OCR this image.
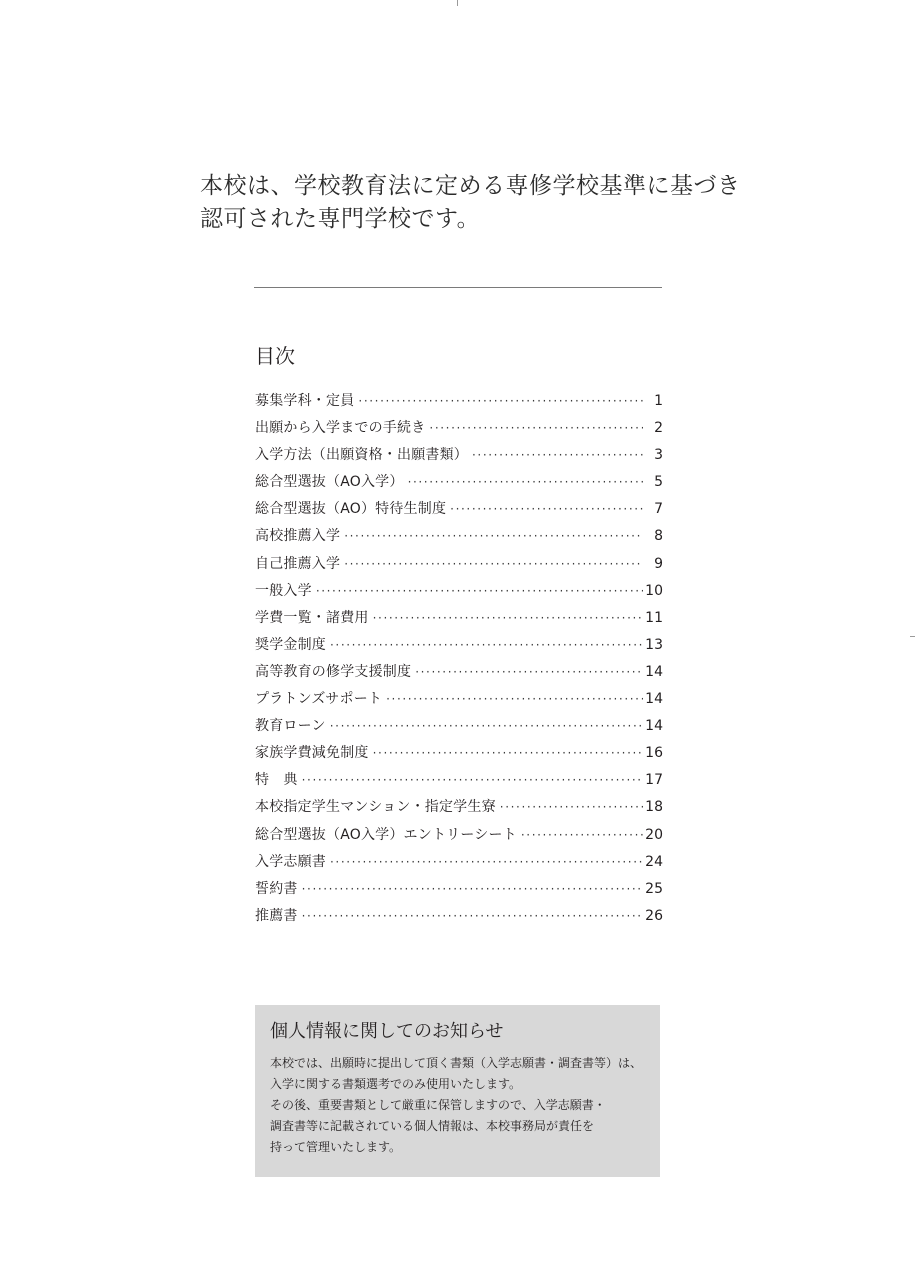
本校は、学校教育法に定める専修学校基準に基づき
認可された専門学校です。
目次
募集学科・定員 ·····	1
出願から入学までの手続き ·····	2
入学方法（出願資格・出願書類） ·····	3
総合型選抜（AO入学） ·····	5
総合型選抜（AO）特待生制度 ·····	7
高校推薦入学 ·····	8
自己推薦入学 ·····	9
一般入学 ·····	10
学費一覧・諸費用 ·····	11
奨学金制度 ·····	13
高等教育の修学支援制度 ·····	14
プラトンズサポート ·····	14
教育ローン ·····	14
家族学費減免制度 ·····	16
特　典 ·····	17
本校指定学生マンション・指定学生寮 ·····	18
総合型選抜（AO入学）エントリーシート ·····	20
入学志願書 ·····	24
誓約書 ·····	25
推薦書 ·····	26
個人情報に関してのお知らせ
本校では、出願時に提出して頂く書類（入学志願書・調査書等）は、
入学に関する書類選考でのみ使用いたします。
その後、重要書類として厳重に保管しますので、入学志願書・
調査書等に記載されている個人情報は、本校事務局が責任を
持って管理いたします。
